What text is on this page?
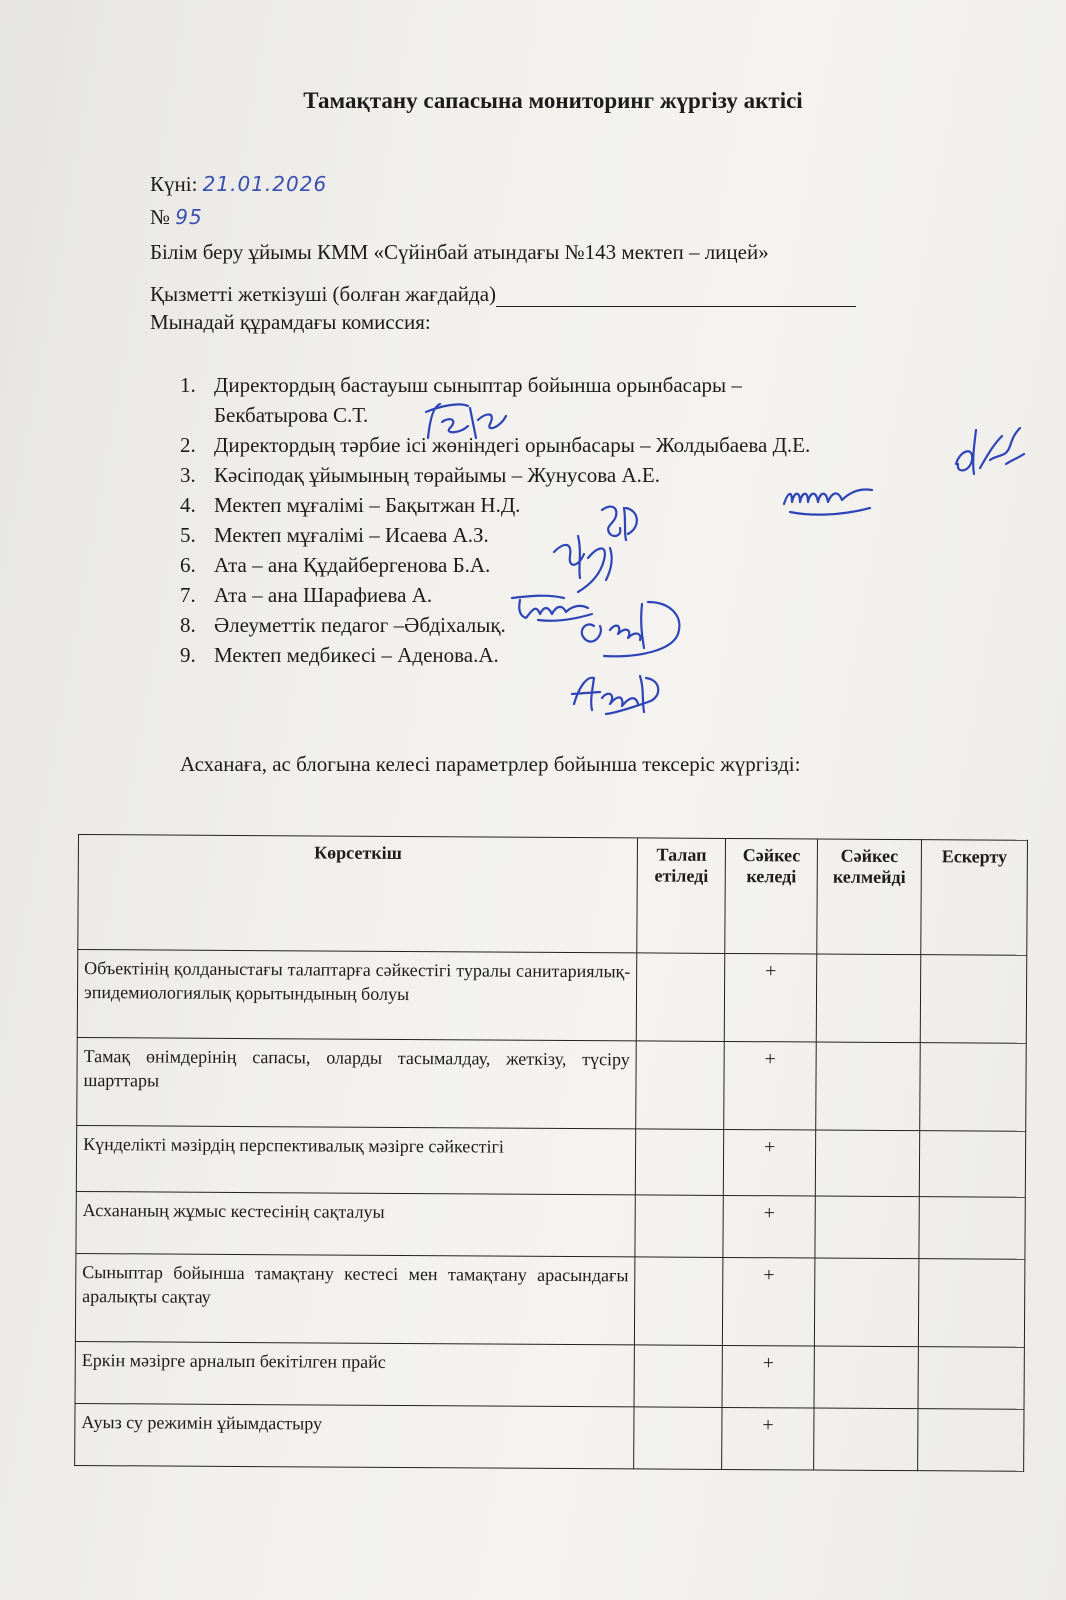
Тамақтану сапасына мониторинг жүргізу актісі
Күні: 21.01.2026
№ 95
Білім беру ұйымы КММ «Сүйінбай атындағы №143 мектеп – лицей»
Қызметті жеткізуші (болған жағдайда)
Мынадай құрамдағы комиссия:
1. Директордың бастауыш сыныптар бойынша орынбасары –
Бекбатырова С.Т.
2. Директордың тәрбие ісі жөніндегі орынбасары – Жолдыбаева Д.Е.
3. Кәсіподақ ұйымының төрайымы – Жунусова А.Е.
4. Мектеп мұғалімі – Бақытжан Н.Д.
5. Мектеп мұғалімі – Исаева А.З.
6. Ата – ана Құдайбергенова Б.А.
7. Ата – ана Шарафиева А.
8. Әлеуметтік педагог –Әбдіхалық.
9. Мектеп медбикесі – Аденова.А.
Асханаға, ас блогына келесі параметрлер бойынша тексеріс жүргізді:
Көрсеткіш	Талап етіледі	Сәйкес келеді	Сәйкес келмейді	Ескерту
Объектінің қолданыстағы талаптарға сәйкестігі туралы санитариялық-эпидемиологиялық қорытындының болуы		+		
Тамақ өнімдерінің сапасы, оларды тасымалдау, жеткізу, түсіру шарттары		+		
Күнделікті мәзірдің перспективалық мәзірге сәйкестігі		+		
Асхананың жұмыс кестесінің сақталуы		+		
Сыныптар бойынша тамақтану кестесі мен тамақтану арасындағы аралықты сақтау		+		
Еркін мәзірге арналып бекітілген прайс		+		
Ауыз су режимін ұйымдастыру		+		
